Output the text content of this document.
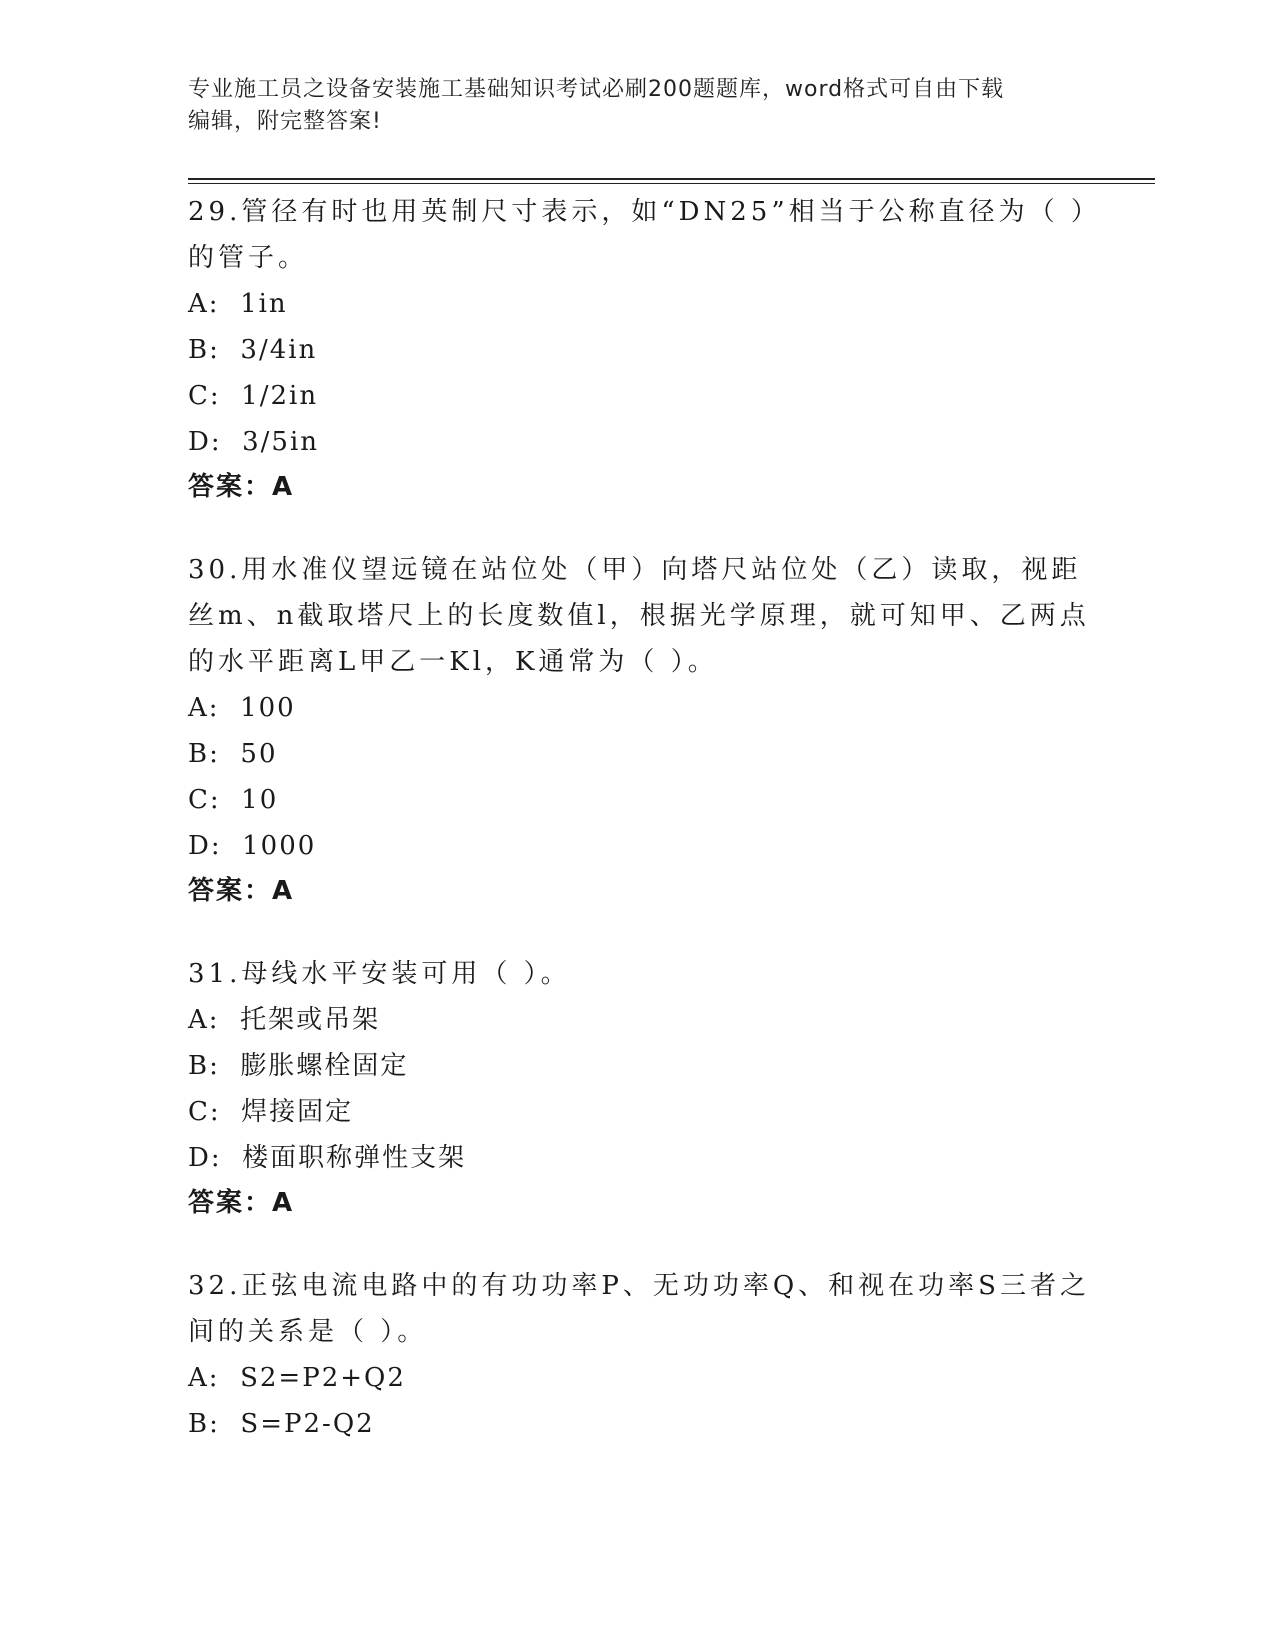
专业施工员之设备安装施工基础知识考试必刷200题题库，word格式可自由下载
编辑，附完整答案!
29.管径有时也用英制尺寸表示，如“DN25”相当于公称直径为（ ）的管子。
A:  1in
B:  3/4in
C:  1/2in
D:  3/5in
答案：A
30.用水准仪望远镜在站位处（甲）向塔尺站位处（乙）读取，视距丝m、n截取塔尺上的长度数值l，根据光学原理，就可知甲、乙两点的水平距离L甲乙一Kl，K通常为（ ）。
A:  100
B:  50
C:  10
D:  1000
答案：A
31.母线水平安装可用（ ）。
A:  托架或吊架
B:  膨胀螺栓固定
C:  焊接固定
D:  楼面职称弹性支架
答案：A
32.正弦电流电路中的有功功率P、无功功率Q、和视在功率S三者之间的关系是（ ）。
A:  S2=P2+Q2
B:  S=P2-Q2
